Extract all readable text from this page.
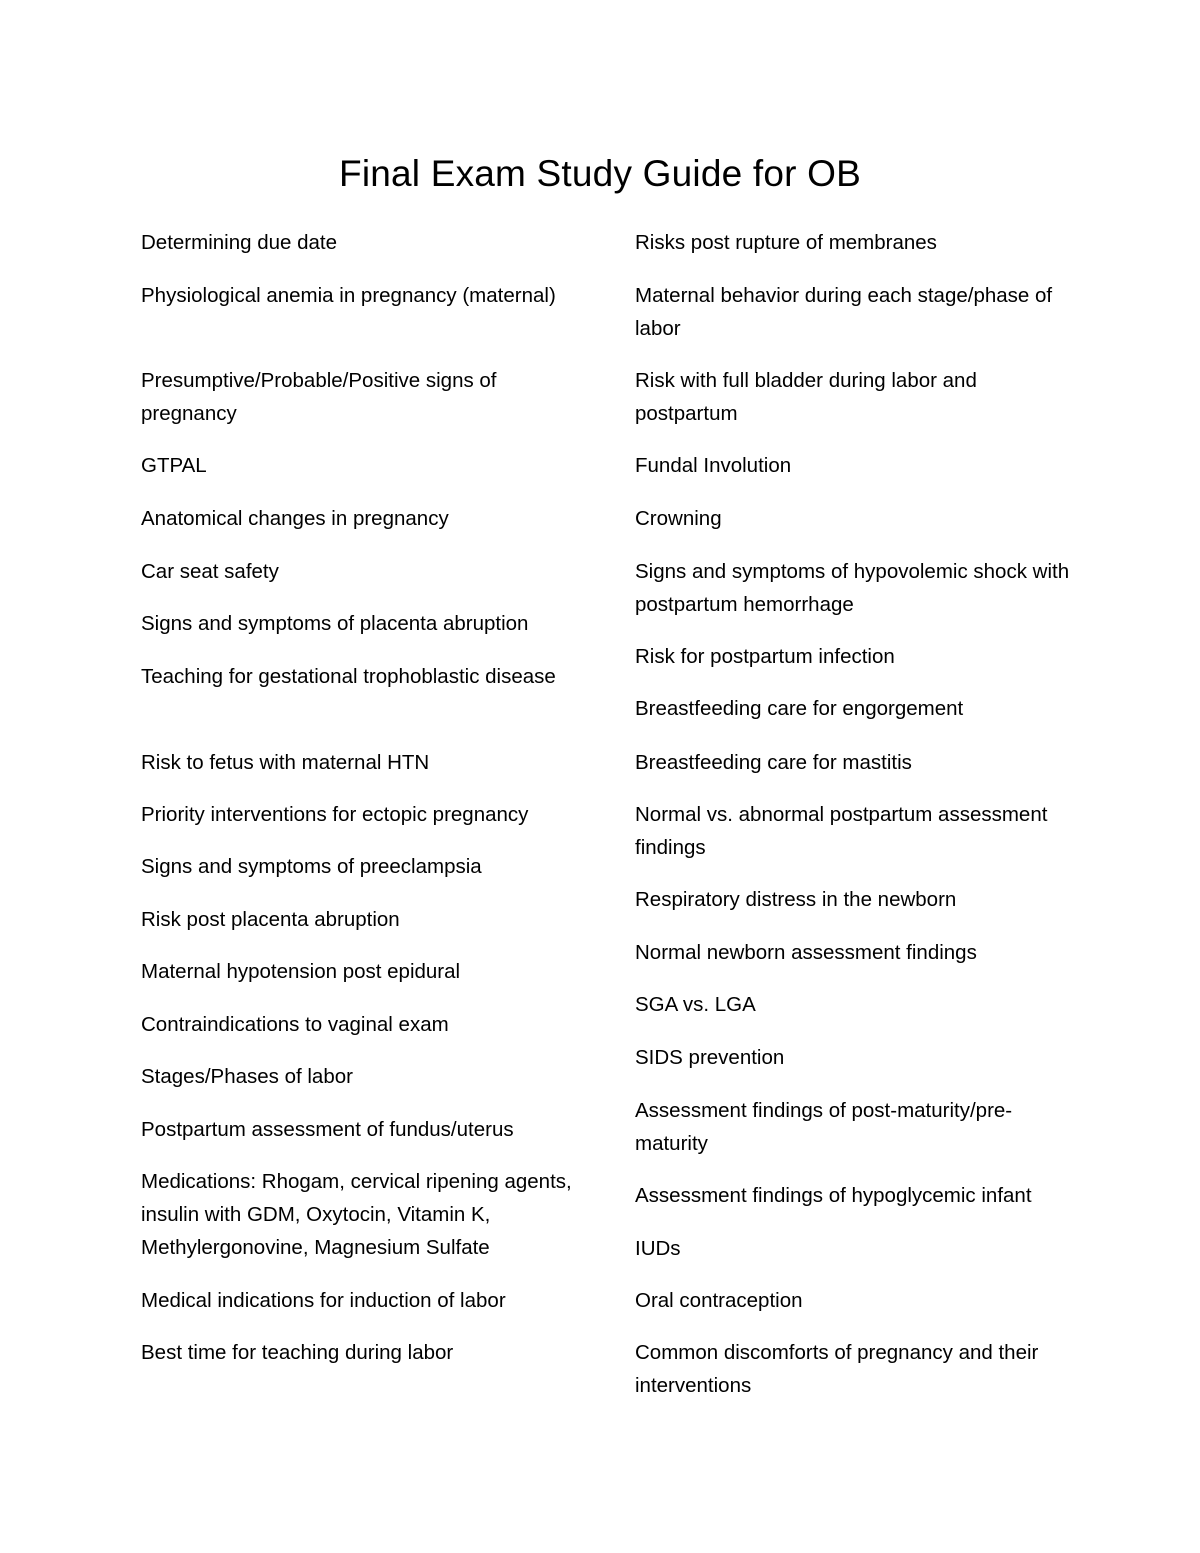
Final Exam Study Guide for OB
Determining due date
Physiological anemia in pregnancy (maternal)
Presumptive/Probable/Positive signs of pregnancy
GTPAL
Anatomical changes in pregnancy
Car seat safety
Signs and symptoms of placenta abruption
Teaching for gestational trophoblastic disease
Risk to fetus with maternal HTN
Priority interventions for ectopic pregnancy
Signs and symptoms of preeclampsia
Risk post placenta abruption
Maternal hypotension post epidural
Contraindications to vaginal exam
Stages/Phases of labor
Postpartum assessment of fundus/uterus
Medications: Rhogam, cervical ripening agents, insulin with GDM, Oxytocin, Vitamin K, Methylergonovine, Magnesium Sulfate
Medical indications for induction of labor
Best time for teaching during labor
Risks post rupture of membranes
Maternal behavior during each stage/phase of labor
Risk with full bladder during labor and postpartum
Fundal Involution
Crowning
Signs and symptoms of hypovolemic shock with postpartum hemorrhage
Risk for postpartum infection
Breastfeeding care for engorgement
Breastfeeding care for mastitis
Normal vs. abnormal postpartum assessment findings
Respiratory distress in the newborn
Normal newborn assessment findings
SGA vs. LGA
SIDS prevention
Assessment findings of post-maturity/pre-maturity
Assessment findings of hypoglycemic infant
IUDs
Oral contraception
Common discomforts of pregnancy and their interventions
